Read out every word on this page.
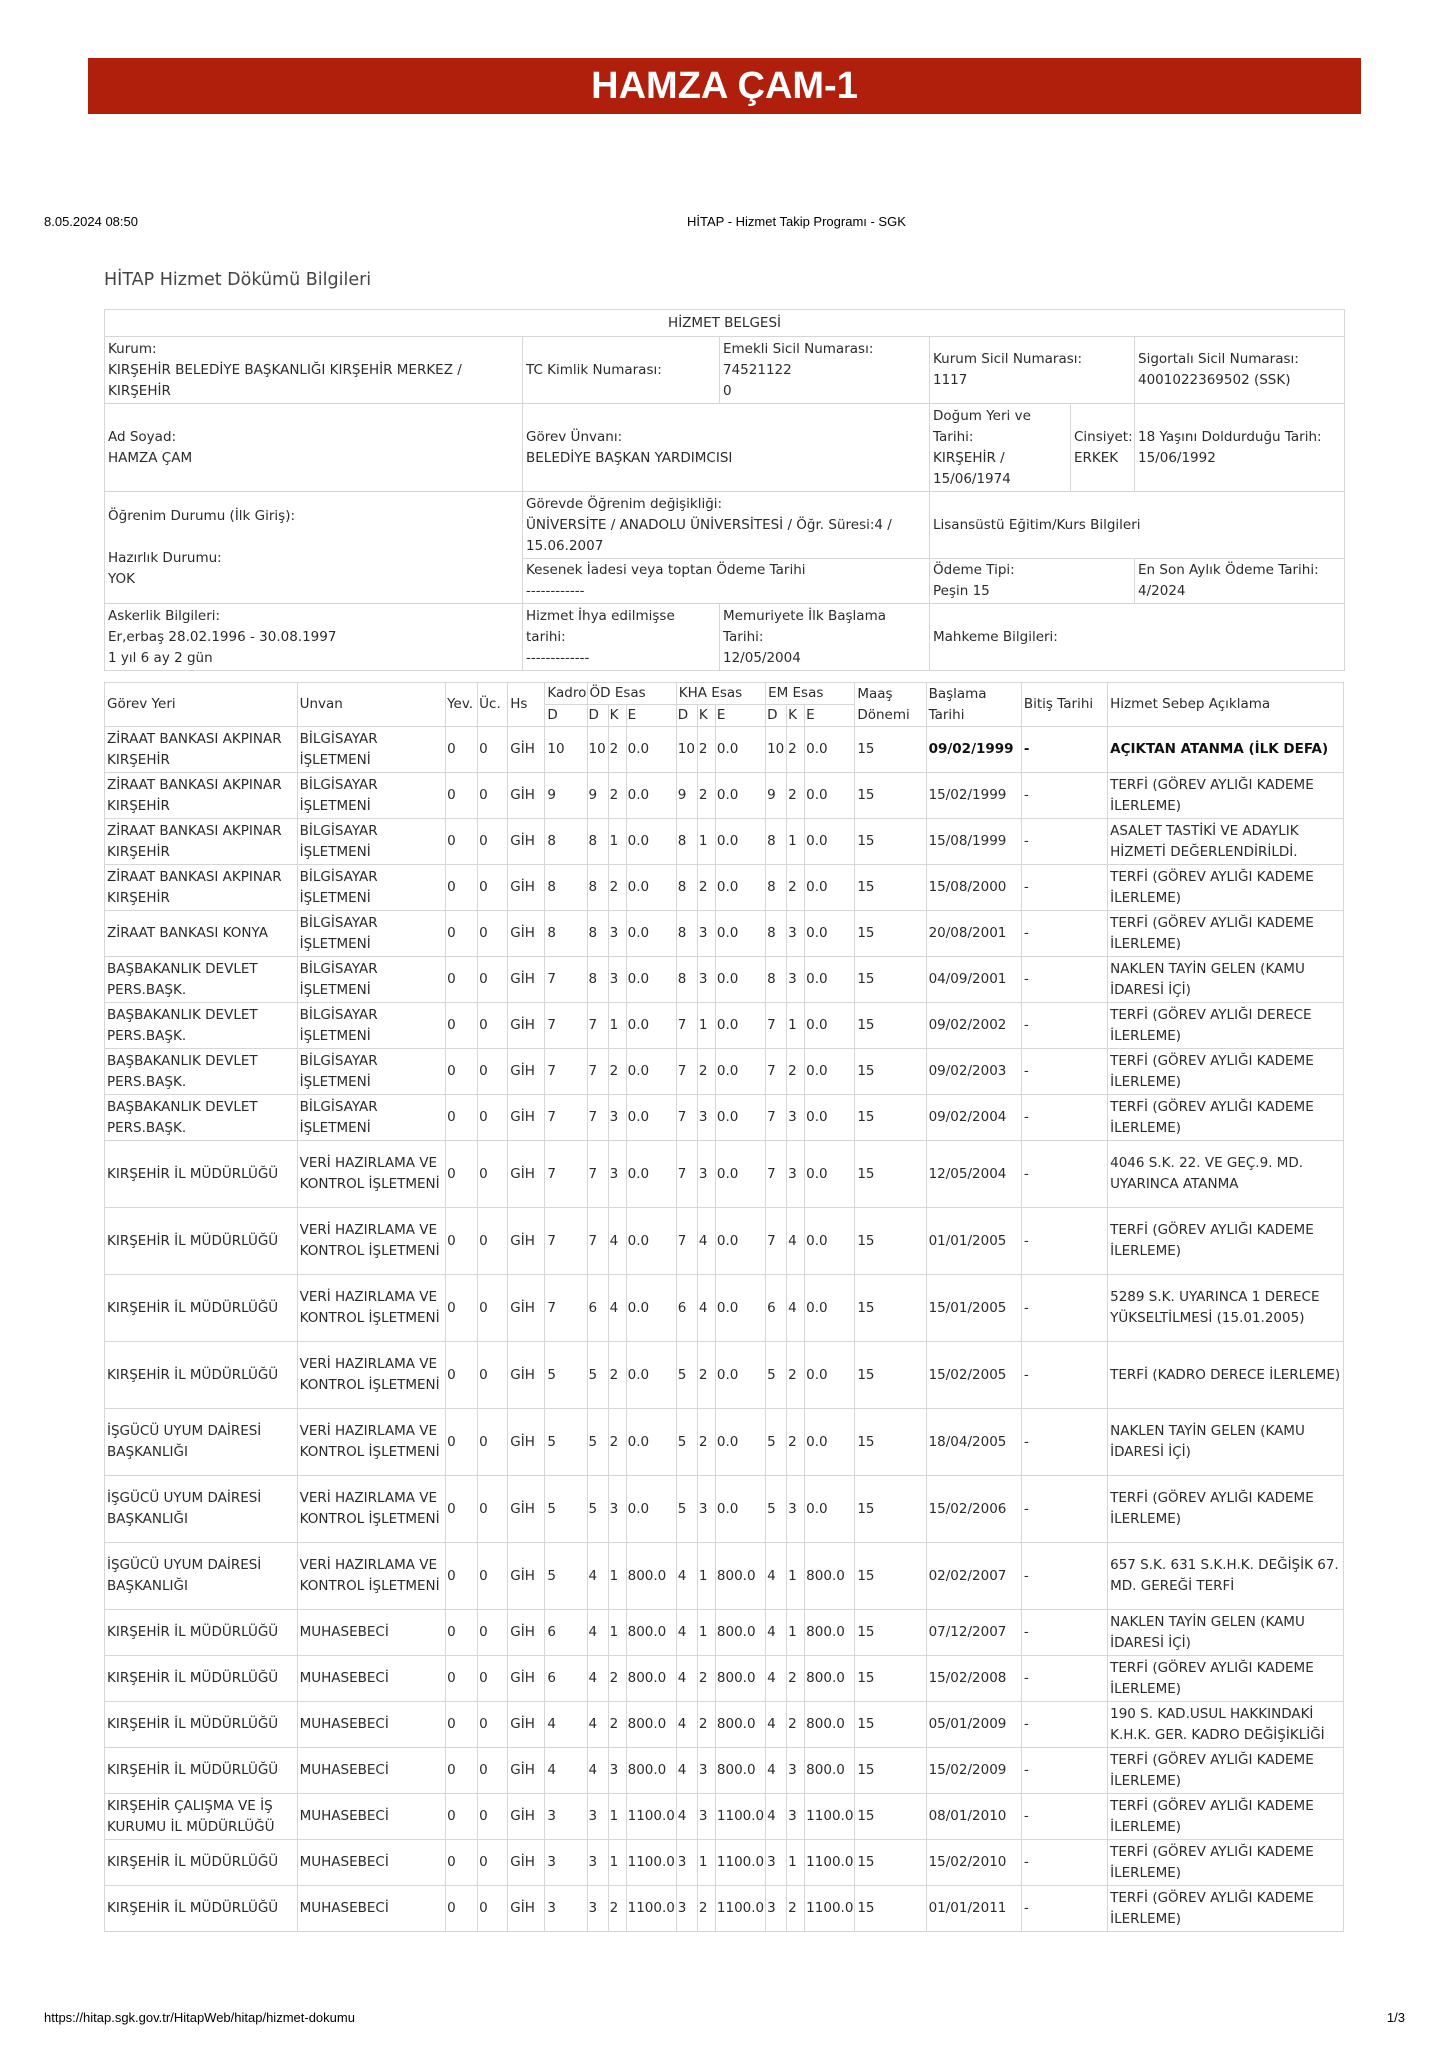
HAMZA ÇAM-1
8.05.2024 08:50	HİTAP - Hizmet Takip Programı - SGK
HİTAP Hizmet Dökümü Bilgileri
HİZMET BELGESİ					
Kurum:
KIRŞEHİR BELEDİYE BAŞKANLIĞI KIRŞEHİR MERKEZ / KIRŞEHİR	TC Kimlik Numarası:	Emekli Sicil Numarası:
74521122
0	Kurum Sicil Numarası:
1117		Sigortalı Sicil Numarası:
4001022369502 (SSK)
Ad Soyad:
HAMZA ÇAM	Görev Ünvanı:
BELEDİYE BAŞKAN YARDIMCISI		Doğum Yeri ve Tarihi:
KIRŞEHİR / 15/06/1974	Cinsiyet:
ERKEK	18 Yaşını Doldurduğu Tarih:
15/06/1992
Öğrenim Durumu (İlk Giriş):

Hazırlık Durumu:
YOK	Görevde Öğrenim değişikliği:
ÜNİVERSİTE / ANADOLU ÜNİVERSİTESİ / Öğr. Süresi:4 / 15.06.2007		Lisansüstü Eğitim/Kurs Bilgileri		
	Kesenek İadesi veya toptan Ödeme Tarihi
------------		Ödeme Tipi:
Peşin 15		En Son Aylık Ödeme Tarihi:
4/2024
Askerlik Bilgileri:
Er,erbaş 28.02.1996 - 30.08.1997
1 yıl 6 ay 2 gün	Hizmet İhya edilmişse tarihi:
-------------	Memuriyete İlk Başlama Tarihi:
12/05/2004	Mahkeme Bilgileri:		
Görev Yeri	Unvan	Yev.	Üc.	Hs	Kadro	ÖD Esas			KHA Esas			EM Esas			Maaş Dönemi	Başlama Tarihi	Bitiş Tarihi	Hizmet Sebep Açıklama
					D	D	K	E	D	K	E	D	K	E				
ZİRAAT BANKASI AKPINAR KIRŞEHİR	BİLGİSAYAR İŞLETMENİ	0	0	GİH	10	10	2	0.0	10	2	0.0	10	2	0.0	15	09/02/1999	-	AÇIKTAN ATANMA (İLK DEFA)
ZİRAAT BANKASI AKPINAR KIRŞEHİR	BİLGİSAYAR İŞLETMENİ	0	0	GİH	9	9	2	0.0	9	2	0.0	9	2	0.0	15	15/02/1999	-	TERFİ (GÖREV AYLIĞI KADEME İLERLEME)
ZİRAAT BANKASI AKPINAR KIRŞEHİR	BİLGİSAYAR İŞLETMENİ	0	0	GİH	8	8	1	0.0	8	1	0.0	8	1	0.0	15	15/08/1999	-	ASALET TASTİKİ VE ADAYLIK HİZMETİ DEĞERLENDİRİLDİ.
ZİRAAT BANKASI AKPINAR KIRŞEHİR	BİLGİSAYAR İŞLETMENİ	0	0	GİH	8	8	2	0.0	8	2	0.0	8	2	0.0	15	15/08/2000	-	TERFİ (GÖREV AYLIĞI KADEME İLERLEME)
ZİRAAT BANKASI KONYA	BİLGİSAYAR İŞLETMENİ	0	0	GİH	8	8	3	0.0	8	3	0.0	8	3	0.0	15	20/08/2001	-	TERFİ (GÖREV AYLIĞI KADEME İLERLEME)
BAŞBAKANLIK DEVLET PERS.BAŞK.	BİLGİSAYAR İŞLETMENİ	0	0	GİH	7	8	3	0.0	8	3	0.0	8	3	0.0	15	04/09/2001	-	NAKLEN TAYİN GELEN (KAMU İDARESİ İÇİ)
BAŞBAKANLIK DEVLET PERS.BAŞK.	BİLGİSAYAR İŞLETMENİ	0	0	GİH	7	7	1	0.0	7	1	0.0	7	1	0.0	15	09/02/2002	-	TERFİ (GÖREV AYLIĞI DERECE İLERLEME)
BAŞBAKANLIK DEVLET PERS.BAŞK.	BİLGİSAYAR İŞLETMENİ	0	0	GİH	7	7	2	0.0	7	2	0.0	7	2	0.0	15	09/02/2003	-	TERFİ (GÖREV AYLIĞI KADEME İLERLEME)
BAŞBAKANLIK DEVLET PERS.BAŞK.	BİLGİSAYAR İŞLETMENİ	0	0	GİH	7	7	3	0.0	7	3	0.0	7	3	0.0	15	09/02/2004	-	TERFİ (GÖREV AYLIĞI KADEME İLERLEME)
KIRŞEHİR İL MÜDÜRLÜĞÜ	VERİ HAZIRLAMA VE KONTROL İŞLETMENİ	0	0	GİH	7	7	3	0.0	7	3	0.0	7	3	0.0	15	12/05/2004	-	4046 S.K. 22. VE GEÇ.9. MD. UYARINCA ATANMA
KIRŞEHİR İL MÜDÜRLÜĞÜ	VERİ HAZIRLAMA VE KONTROL İŞLETMENİ	0	0	GİH	7	7	4	0.0	7	4	0.0	7	4	0.0	15	01/01/2005	-	TERFİ (GÖREV AYLIĞI KADEME İLERLEME)
KIRŞEHİR İL MÜDÜRLÜĞÜ	VERİ HAZIRLAMA VE KONTROL İŞLETMENİ	0	0	GİH	7	6	4	0.0	6	4	0.0	6	4	0.0	15	15/01/2005	-	5289 S.K. UYARINCA 1 DERECE YÜKSELTİLMESİ (15.01.2005)
KIRŞEHİR İL MÜDÜRLÜĞÜ	VERİ HAZIRLAMA VE KONTROL İŞLETMENİ	0	0	GİH	5	5	2	0.0	5	2	0.0	5	2	0.0	15	15/02/2005	-	TERFİ (KADRO DERECE İLERLEME)
İŞGÜCÜ UYUM DAİRESİ BAŞKANLIĞI	VERİ HAZIRLAMA VE KONTROL İŞLETMENİ	0	0	GİH	5	5	2	0.0	5	2	0.0	5	2	0.0	15	18/04/2005	-	NAKLEN TAYİN GELEN (KAMU İDARESİ İÇİ)
İŞGÜCÜ UYUM DAİRESİ BAŞKANLIĞI	VERİ HAZIRLAMA VE KONTROL İŞLETMENİ	0	0	GİH	5	5	3	0.0	5	3	0.0	5	3	0.0	15	15/02/2006	-	TERFİ (GÖREV AYLIĞI KADEME İLERLEME)
İŞGÜCÜ UYUM DAİRESİ BAŞKANLIĞI	VERİ HAZIRLAMA VE KONTROL İŞLETMENİ	0	0	GİH	5	4	1	800.0	4	1	800.0	4	1	800.0	15	02/02/2007	-	657 S.K. 631 S.K.H.K. DEĞİŞİK 67. MD. GEREĞİ TERFİ
KIRŞEHİR İL MÜDÜRLÜĞÜ	MUHASEBECİ	0	0	GİH	6	4	1	800.0	4	1	800.0	4	1	800.0	15	07/12/2007	-	NAKLEN TAYİN GELEN (KAMU İDARESİ İÇİ)
KIRŞEHİR İL MÜDÜRLÜĞÜ	MUHASEBECİ	0	0	GİH	6	4	2	800.0	4	2	800.0	4	2	800.0	15	15/02/2008	-	TERFİ (GÖREV AYLIĞI KADEME İLERLEME)
KIRŞEHİR İL MÜDÜRLÜĞÜ	MUHASEBECİ	0	0	GİH	4	4	2	800.0	4	2	800.0	4	2	800.0	15	05/01/2009	-	190 S. KAD.USUL HAKKINDAKİ K.H.K. GER. KADRO DEĞİŞİKLİĞİ
KIRŞEHİR İL MÜDÜRLÜĞÜ	MUHASEBECİ	0	0	GİH	4	4	3	800.0	4	3	800.0	4	3	800.0	15	15/02/2009	-	TERFİ (GÖREV AYLIĞI KADEME İLERLEME)
KIRŞEHİR ÇALIŞMA VE İŞ KURUMU İL MÜDÜRLÜĞÜ	MUHASEBECİ	0	0	GİH	3	3	1	1100.0	4	3	1100.0	4	3	1100.0	15	08/01/2010	-	TERFİ (GÖREV AYLIĞI KADEME İLERLEME)
KIRŞEHİR İL MÜDÜRLÜĞÜ	MUHASEBECİ	0	0	GİH	3	3	1	1100.0	3	1	1100.0	3	1	1100.0	15	15/02/2010	-	TERFİ (GÖREV AYLIĞI KADEME İLERLEME)
KIRŞEHİR İL MÜDÜRLÜĞÜ	MUHASEBECİ	0	0	GİH	3	3	2	1100.0	3	2	1100.0	3	2	1100.0	15	01/01/2011	-	TERFİ (GÖREV AYLIĞI KADEME İLERLEME)
https://hitap.sgk.gov.tr/HitapWeb/hitap/hizmet-dokumu	1/3
